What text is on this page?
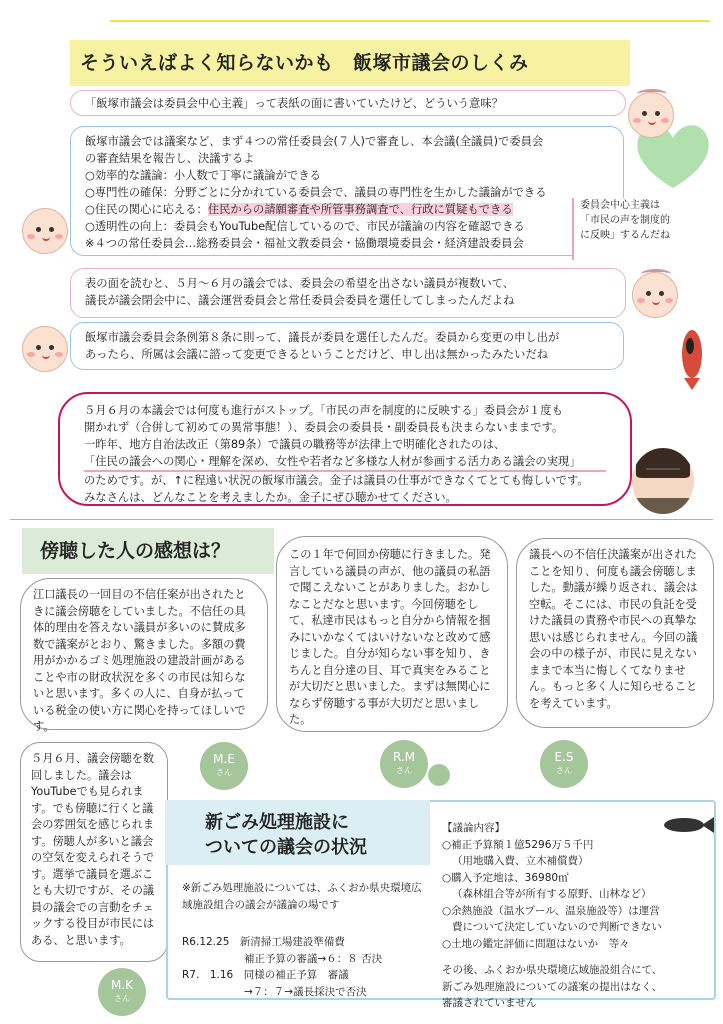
そういえばよく知らないかも　飯塚市議会のしくみ
「飯塚市議会は委員会中心主義」って表紙の面に書いていたけど、どういう意味？
飯塚市議会では議案など、まず４つの常任委員会(７人)で審査し、本会議(全議員)で委員会
の審査結果を報告し、決議するよ
○効率的な議論：小人数で丁寧に議論ができる
○専門性の確保：分野ごとに分かれている委員会で、議員の専門性を生かした議論ができる
○住民の関心に応える：住民からの請願審査や所管事務調査で、行政に質疑もできる
○透明性の向上：委員会もYouTube配信しているので、市民が議論の内容を確認できる
※４つの常任委員会…総務委員会・福祉文教委員会・協働環境委員会・経済建設委員会
委員会中心主義は「市民の声を制度的に反映」するんだね
表の面を読むと、５月～６月の議会では、委員会の希望を出さない議員が複数いて、
議長が議会閉会中に、議会運営委員会と常任委員会委員を選任してしまったんだよね
飯塚市議会委員会条例第８条に則って、議長が委員を選任したんだ。委員から変更の申し出が
あったら、所属は会議に諮って変更できるということだけど、申し出は無かったみたいだね
５月６月の本議会では何度も進行がストップ。「市民の声を制度的に反映する」委員会が１度も
開かれず（合併して初めての異常事態！）、委員会の委員長・副委員長も決まらないままです。
一昨年、地方自治法改正（第89条）で議員の職務等が法律上で明確化されたのは、
「住民の議会への関心・理解を深め、女性や若者など多様な人材が参画する活力ある議会の実現」
のためです。が、↑に程遠い状況の飯塚市議会。金子は議員の仕事ができなくてとても悔しいです。
みなさんは、どんなことを考えましたか。金子にぜひ聴かせてください。
傍聴した人の感想は？
江口議長の一回目の不信任案が出されたときに議会傍聴をしていました。不信任の具体的理由を答えない議員が多いのに賛成多数で議案がとおり、驚きました。多額の費用がかかるゴミ処理施設の建設計画があることや市の財政状況を多くの市民は知らないと思います。多くの人に、自身が払っている税金の使い方に関心を持ってほしいです。
M.E
さん
この１年で何回か傍聴に行きました。発言している議員の声が、他の議員の私語で聞こえないことがありました。おかしなことだなと思います。今回傍聴をして、私達市民はもっと自分から情報を掴みにいかなくてはいけないなと改めて感じました。自分が知らない事を知り、きちんと自分達の目、耳で真実をみることが大切だと思いました。まずは無関心にならず傍聴する事が大切だと思いました。
R.M
さん
議長への不信任決議案が出されたことを知り、何度も議会傍聴しました。動議が繰り返され、議会は空転。そこには、市民の負託を受けた議員の責務や市民への真摯な思いは感じられません。今回の議会の中の様子が、市民に見えないままで本当に悔しくてなりません。もっと多く人に知らせることを考えています。
E.S
さん
５月６月、議会傍聴を数回しました。議会はYouTubeでも見られます。でも傍聴に行くと議会の雰囲気を感じられます。傍聴人が多いと議会の空気を変えられそうです。選挙で議員を選ぶことも大切ですが、その議員の議会での言動をチェックする役目が市民にはある、と思います。
M.K
さん
新ごみ処理施設に
ついての議会の状況
※新ごみ処理施設については、ふくおか県央環境広域施設組合の議会が議論の場です
R6.12.25　 新清掃工場建設準備費
補正予算の審議→６：８ 否決
R7.　1.16　 同様の補正予算　審議
→７：７→議長採決で否決
【議論内容】
○補正予算額１億5296万５千円
（用地購入費、立木補償費）
○購入予定地は、36980㎡
（森林組合等が所有する原野、山林など）
○余熱施設（温水プール、温泉施設等）は運営
費について決定していないので判断できない
○土地の鑑定評価に問題はないか　等々
その後、ふくおか県央環境広域施設組合にて、
新ごみ処理施設についての議案の提出はなく、
審議されていません
